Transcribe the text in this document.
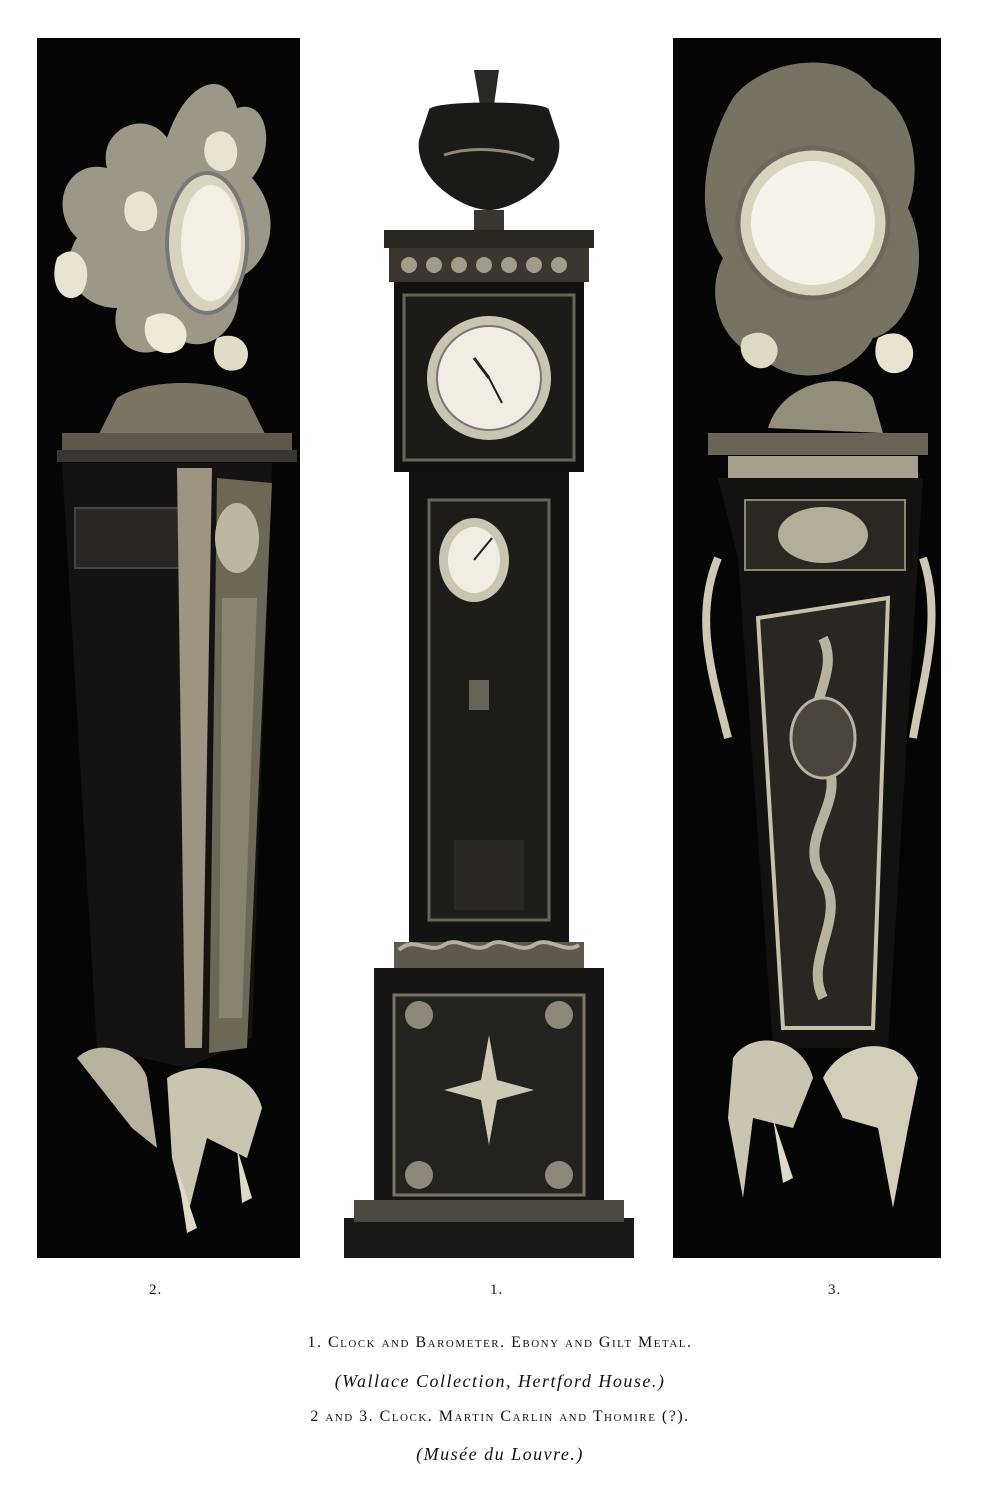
2.	1.	3.
1. Clock and Barometer. Ebony and Gilt Metal.
(Wallace Collection, Hertford House.)
2 and 3. Clock. Martin Carlin and Thomire (?).
(Musée du Louvre.)
